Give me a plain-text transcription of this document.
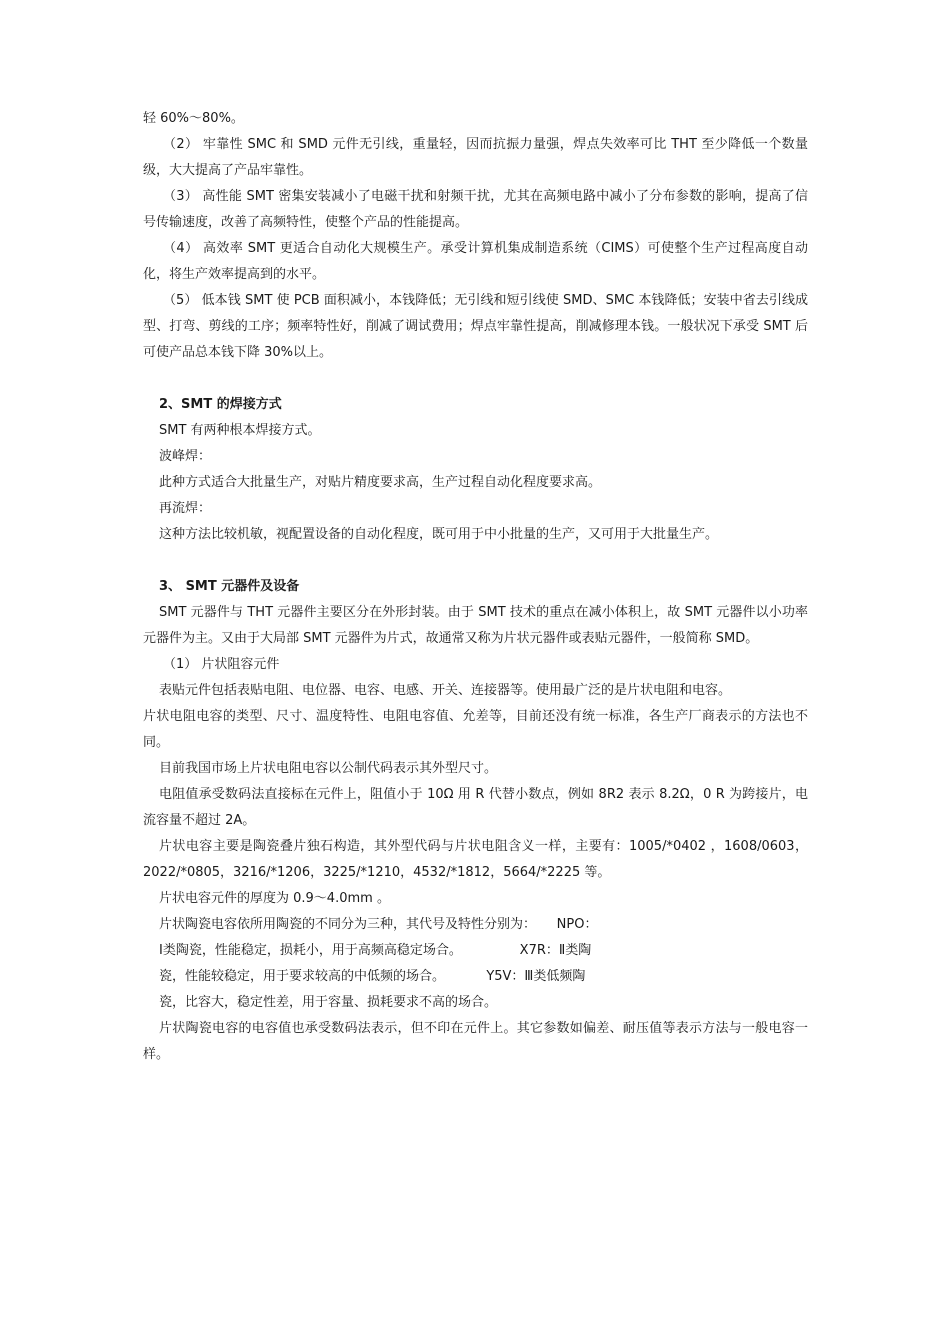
轻 60%～80%。

（2） 牢靠性 SMC 和 SMD 元件无引线，重量轻，因而抗振力量强，焊点失效率可比 THT 至少降低一个数量级，大大提高了产品牢靠性。

（3） 高性能 SMT 密集安装减小了电磁干扰和射频干扰，尤其在高频电路中减小了分布参数的影响，提高了信号传输速度，改善了高频特性，使整个产品的性能提高。

（4） 高效率 SMT 更适合自动化大规模生产。承受计算机集成制造系统（CIMS）可使整个生产过程高度自动化，将生产效率提高到的水平。

（5） 低本钱 SMT 使 PCB 面积减小，本钱降低；无引线和短引线使 SMD、SMC 本钱降低；安装中省去引线成型、打弯、剪线的工序；频率特性好，削减了调试费用；焊点牢靠性提高，削减修理本钱。一般状况下承受 SMT 后可使产品总本钱下降 30%以上。

2、SMT 的焊接方式

SMT 有两种根本焊接方式。

波峰焊：

此种方式适合大批量生产，对贴片精度要求高，生产过程自动化程度要求高。

再流焊：

这种方法比较机敏，视配置设备的自动化程度，既可用于中小批量的生产，又可用于大批量生产。

3、 SMT 元器件及设备

SMT 元器件与 THT 元器件主要区分在外形封装。由于 SMT 技术的重点在减小体积上，故 SMT 元器件以小功率元器件为主。又由于大局部 SMT 元器件为片式，故通常又称为片状元器件或表贴元器件，一般简称 SMD。

（1） 片状阻容元件

表贴元件包括表贴电阻、电位器、电容、电感、开关、连接器等。使用最广泛的是片状电阻和电容。

片状电阻电容的类型、尺寸、温度特性、电阻电容值、允差等，目前还没有统一标准，各生产厂商表示的方法也不同。

目前我国市场上片状电阻电容以公制代码表示其外型尺寸。

电阻值承受数码法直接标在元件上，阻值小于 10Ω 用 R 代替小数点，例如 8R2 表示 8.2Ω，0 R 为跨接片，电流容量不超过 2A。

片状电容主要是陶瓷叠片独石构造，其外型代码与片状电阻含义一样，主要有：1005/*0402 ，1608/0603，2022/*0805，3216/*1206，3225/*1210，4532/*1812，5664/*2225 等。

片状电容元件的厚度为 0.9～4.0mm 。

片状陶瓷电容依所用陶瓷的不同分为三种，其代号及特性分别为：     NPO：

Ⅰ类陶瓷，性能稳定，损耗小，用于高频高稳定场合。              X7R：Ⅱ类陶

瓷，性能较稳定，用于要求较高的中低频的场合。          Y5V：Ⅲ类低频陶

瓷，比容大，稳定性差，用于容量、损耗要求不高的场合。

片状陶瓷电容的电容值也承受数码法表示，但不印在元件上。其它参数如偏差、耐压值等表示方法与一般电容一样。
